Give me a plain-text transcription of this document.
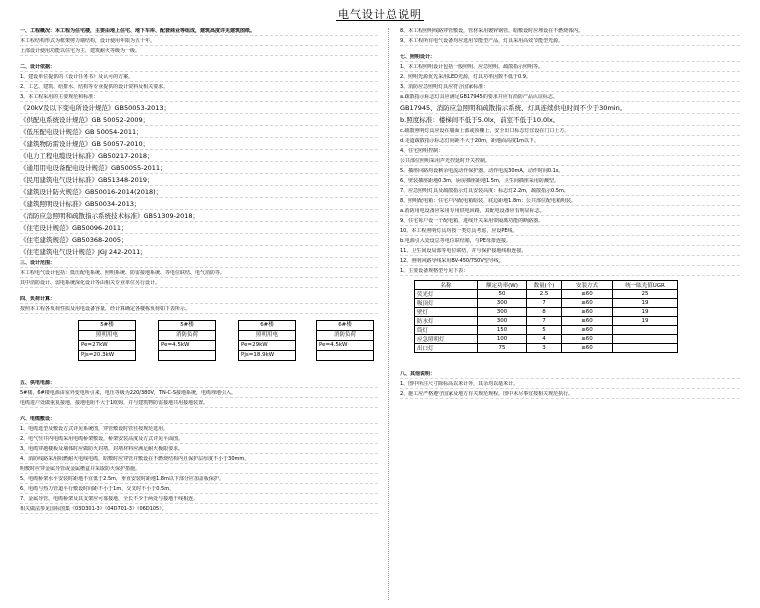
电气设计总说明
一、工程概况：本工程为住宅楼，主要由地上住宅、地下车库、配套商业等组成，建筑高度详见建筑图纸。
本工程结构形式为框架剪力墙结构，设计使用年限为五十年。
上部设计使用功能以住宅为主，建筑耐火等级为一级。
二、设计依据：
1、建设单位提供的《设计任务书》及认可的方案。
2、工艺、建筑、给排水、结构等专业提供的设计资料及相关要求。
3、本工程采用的主要规范和标准：
《20kV及以下变电所设计规范》GB50053-2013；
《供配电系统设计规范》GB 50052-2009；
《低压配电设计规范》GB 50054-2011；
《建筑物防雷设计规范》GB 50057-2010；
《电力工程电缆设计标准》GB50217-2018；
《通用用电设备配电设计规范》GB50055-2011；
《民用建筑电气设计标准》GB51348-2019；
《建筑设计防火规范》GB50016-2014(2018)；
《建筑照明设计标准》GB50034-2013；
《消防应急照明和疏散指示系统技术标准》GB51309-2018；
《住宅设计规范》GB50096-2011；
《住宅建筑规范》GB50368-2005；
《住宅建筑电气设计规范》JGJ 242-2011；
三、设计范围：
本工程电气设计包括：低压配电系统、照明系统、防雷接地系统、等电位联结、电气消防等。
其中消防设计、弱电系统深化设计等由相关专业单位另行设计。
四、负荷计算：
按照本工程各负荷性质及用电设备容量，经计算确定各楼栋负荷如下表所示。
5#楼
照明用电
Pe=27kW
Pjs=20.3kW
5#楼
消防负荷
Pe=4.5kW
6#楼
照明用电
Pe=29kW
Pjs=18.9kW
6#楼
消防负荷
Pe=4.5kW
五、供电电源：
5#楼、6#楼电源由室外变电所引来，电压等级为220/380V，TN-C-S接地系统，电缆埋地引入。
电缆进户处做重复接地，接地电阻不大于1欧姆，并与建筑物防雷接地共用接地装置。
六、电缆敷设：
1、电缆选型及敷设方式详见系统图，穿管敷设时管径按规范选用。
2、电气竖井内电缆采用电缆桥架敷设，桥架安装高度及方式详见平面图。
3、电缆穿越楼板及墙体时应做防火封堵，封堵材料应满足耐火极限要求。
4、消防线路采用阻燃耐火电线电缆，暗敷时应穿管并敷设在不燃烧结构内且保护层厚度不小于30mm。
明敷时应穿金属导管或金属槽盒并采取防火保护措施。
5、电缆桥架水平安装时距地不宜低于2.5m，垂直安装时距地1.8m以下部分应加盖板保护。
6、电缆与热力管道平行敷设时间距不小于1m，交叉时不小于0.5m。
7、金属导管、电缆桥架及其支架应可靠接地，全长不少于两处与接地干线相连。
相关做法参见国标图集《03D301-3》《04D701-3》《06D105》。
8、本工程照明线路穿管敷设，管材采用镀锌钢管，暗敷设时应埋设在不燃烧体内。
9、本工程所有电气设备均应选用节能型产品，灯具采用高效节能型光源。
七、照明设计：
1、本工程照明设计包括一般照明、应急照明、疏散指示照明等。
2、照明光源优先采用LED光源，灯具功率因数不低于0.9。
3、消防应急照明灯具应符合国家标准：
a.疏散指示标志灯具应满足GB17945的要求并应有消防产品认证标志。
GB17945、消防应急照明和疏散指示系统、灯具连续供电时间不少于30min。
b.照度标准：楼梯间不低于5.0lx，前室不低于10.0lx。
c.疏散照明灯具应设在墙面上部或顶棚上，安全出口标志灯宜设在门口上方。
d.走道疏散指示标志灯间距不大于20m，距地面高度1m以下。
4、住宅照明控制：
公共部位照明采用声光控延时开关控制。
5、插座回路均设剩余电流动作保护器，动作电流30mA，动作时间0.1s。
6、壁装插座距地0.3m，厨房插座距地1.5m，卫生间插座采用防溅型。
7、应急照明灯具及疏散指示灯具安装高度：标志灯2.2m，疏散指示0.5m。
8、照明配电箱：住宅户内配电箱暗装，底边距地1.8m；公共部位配电箱明装。
a.消防用电设备应采用专用供电回路，其配电设备应有明显标志。
9、住宅每户设一个配电箱，进线开关采用带隔离功能的断路器。
10、本工程照明灯具均按一类灯具考虑，应设PE线。
b.电源引入处设总等电位联结箱，与PE母排连接。
11、卫生间设局部等电位联结，并与保护接地线相连接。
12、照明回路导线采用BV-450/750V型导线。
1、主要设备规格型号见下表：
名称	额定功率(W)	数量(个)	安装方式	统一眩光值UGR
荧光灯	50	2.5	≥60	25
吸顶灯	300	7	≥60	19
壁灯	300	8	≥60	19
防水灯	300	7	≥60	19
筒灯	150	5	≥60	
应急照明灯	100	4	≥60	
出口灯	75	3	≥60	
八、其他说明：
1、图中所注尺寸除标高以米计外，其余均以毫米计。
2、施工应严格遵守国家及地方有关规范规程，图中未尽事宜按相关规范执行。
